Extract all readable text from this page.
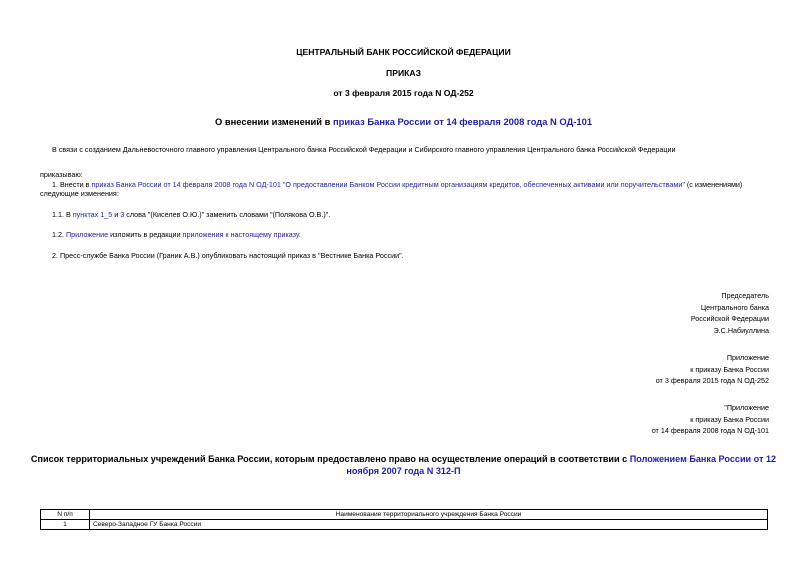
ЦЕНТРАЛЬНЫЙ БАНК РОССИЙСКОЙ ФЕДЕРАЦИИ
ПРИКАЗ
от 3 февраля 2015 года N ОД-252
О внесении изменений в приказ Банка России от 14 февраля 2008 года N ОД-101
В связи с созданием Дальневосточного главного управления Центрального банка Российской Федерации и Сибирского главного управления Центрального банка Российской Федерации
приказываю:
1. Внести в приказ Банка России от 14 февраля 2008 года N ОД-101 "О предоставлении Банком России кредитным организациям кредитов, обеспеченных активами или поручительствами" (с изменениями)
следующие изменения:
1.1. В пунктах 1_5 и 3 слова "(Киселев О.Ю.)" заменить словами "(Полякова О.В.)".
1.2. Приложение изложить в редакции приложения к настоящему приказу.
2. Пресс-службе Банка России (Граник А.В.) опубликовать настоящий приказ в "Вестнике Банка России".
Председатель
Центрального банка
Российской Федерации
Э.С.Набиуллина
Приложение
к приказу Банка России
от 3 февраля 2015 года N ОД-252
"Приложение
к приказу Банка России
от 14 февраля 2008 года N ОД-101
Список территориальных учреждений Банка России, которым предоставлено право на осуществление операций в соответствии с Положением Банка России от 12 ноября 2007 года N 312-П
N п/п	Наименование территориального учреждения Банка России
1	Северо-Западное ГУ Банка России
